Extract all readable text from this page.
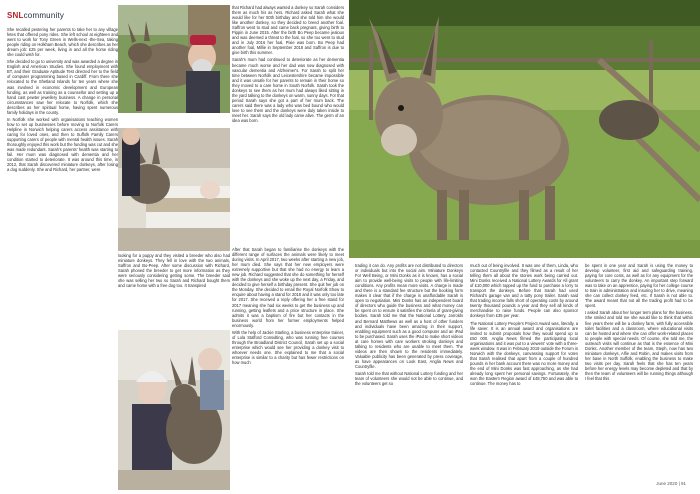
SNLcommunity

She recalled pestering her parents to take her to any village fetes that offered pony rides. She left school at eighteen and went to work for Tony Green in Wells-next -the-Sea, taking people riding on Holkham Beach, which she describes as her dream job: £25 per week, living in and all the horse riding she could wish for.

She decided to go to university and was awarded a degree in English and American Studies. She found employment with BT, and their Graduate Aptitude Test directed her to the field of computer programming based in Cardiff. From there she relocated to the Shetland Islands for ten years where she was involved in economic development and European funding, as well as training as a counsellor and setting up a hand cast pewter jewellery business. A change in personal circumstances saw her relocate to Norfolk, which she describes as her spiritual home, having spent numerous family holidays in the county.

In Norfolk she worked with organisations teaching women how to set up businesses before moving to Norfolk Carers Helpline in Norwich helping carers access assistance with caring for loved ones, and then to Suffolk Family Carers supporting carers of people with mental health issues. Sarah thoroughly enjoyed this work but the funding was cut and she was made redundant. Sarah's parents' health was starting to fail. Her mum was diagnosed with dementia and her condition started to deteriorate. It was around this time, in 2012, that Sarah discovered miniature donkeys, after losing a dog suddenly. She and Richard, her partner, were

looking for a puppy and they visited a breeder who also had miniature donkeys. They fell in love with the two animals, Saffron and Bo-Peep. After some discussion with Richard, Sarah phoned the breeder to get more information as they were seriously considering getting some. The breeder said she was selling her two so Sarah and Richard bought them and came home with a free dog too. It transpired

that Richard had always wanted a donkey so Sarah considers them as much his as hers. Richard asked Sarah what she would like for her 50th birthday and she told him she would like another donkey, so they decided to breed another foal. Saffron went to stud and came back pregnant, giving birth to Pippin in June 2015. After the birth Bo Peep became jealous and was deemed a threat to the foal, so she too went to stud and in July 2016 her foal, Pixie was born. Bo Peep had another foal, Millie in September 2018 and Saffron is due to give birth this summer.

Sarah's mum had continued to deteriorate as her dementia became much worse and her dad was now diagnosed with vascular dementia and Alzheimer's. For Sarah to split her time between Norfolk and Leicestershire became impossible and it was unsafe for her parents to remain in their home so they moved to a care home in South Norfolk. Sarah took the donkeys to see them as her mum had always liked sitting in the yard talking to the donkeys on warm, sunny days. For that period Sarah says she got a part of her mum back. The carers said there was a lady who was bed bound who would love to see them and the donkeys were duly taken inside to meet her. Sarah says the old lady came alive. The germ of an idea was born.

After that Sarah began to familiarise the donkeys with the different range of surfaces the animals were likely to meet during visits. In April 2017, two weeks after starting a new job, her mum died. She says that her new employers were extremely supportive but that she had no energy to learn a new job. Richard suggested that she do something for herself with the donkeys and she woke up the next day, a Friday, and decided to give herself a birthday present. She quit her job on the Monday. She decided to email the Royal Norfolk Show to enquire about having a stand for 2018 and it was only too late for 2017. She received a reply offering her a free stand for 2017 meaning she had six weeks to get the business up and running, getting leaflets and a price structure in place. She admits it was a baptism of fire but her contacts in the business world from her former employments helped enormously.

With the help of Jackie Starling, a business enterprise trainer, of Lola Stafford Consulting, who was running free courses through the Broadland District Council, Sarah set up a social enterprise which would see her providing a donkey visit to whoever needs one. She explained to me that a social enterprise is similar to a charity but has fewer restrictions on how much

trading it can do. Any profits are not distributed to directors or individuals but into the social aim. Miniature Donkeys For Well Being, or Mini Donks as it is known, has a social aim to provide well-being visits to people with life-limiting conditions. Any profits mean more visits. A charge is made and there is a standard fee structure but the booking form makes it clear that if the charge is unaffordable Sarah is open to negotiation. Mini Donks has an independent board of directors who guide the business and what money can be spent on to ensure it satisfies the criteria of grant-giving bodies. Sarah told me that the National Lottery, Jarrolds and Bernard Matthews as well as a host of other funders and individuals have been amazing in their support, enabling equipment such as a good computer and an iPad to be purchased. Sarah uses the iPad to make short videos at care homes with care workers stroking donkeys and talking to residents who are unable to meet them. The videos are then shown to the residents immediately. Valuable publicity has been generated by press coverage, as have appearances on Look East, Anglia News and Countryfile.

Sarah told me that without National Lottery funding and her team of volunteers she would not be able to continue, and the volunteers get so

much out of being involved. It was one of them, Linda, who contacted Countryfile and they filmed as a result of her telling them all about the stories work being carried out. Mini Donks received a National Lottery Awards for All grant of £10,000 which topped up the fund to purchase a lorry to transport the donkeys. Before that Sarah had used Richard's garage van and a tatty pony trailer. Sarah said that trading income falls short of operating costs by around twenty thousand pounds a year and they sell all kinds of merchandise to raise funds. People can also sponsor donkeys from £35 per year.

The National Lottery People's Project Award was, literally, a life saver. It is an annual award and organisations are invited to submit proposals how they would spend up to £50 000. Anglia News filmed the participating local organisations and it was put to a viewers' vote with a three-week window. It was in February 2019 outside the Forum in Norwich with the donkeys, canvassing support for votes that Sarah realised that apart from a couple of hundred pounds in her bank account there was no more money and the end of Mini Donks was fast approaching, as she had already long spent her personal savings. Fortunately, she won the Eastern Region award of £48,750 and was able to continue. The money has to

be spent in one year and Sarah is using the money to develop volunteer, first aid and safeguarding training, paying for core costs, as well as for any equipment for the volunteers to carry the donkey. An important step forward was to take on an apprentice, paying for her college course to train in administration and insuring her to drive, meaning she can collect donkey feed, etc. If Sarah is not able to. The award meant that not all the trading profit had to be spent.

I asked Sarah about her longer term plans for the business. She smiled and told me she would like to think that within five years there will be a donkey farm, with fully accessible toilet facilities and a classroom, where educational visits can be hosted and where she can offer work-related places to people with special needs. Of course, she told me, the outreach visits will continue as that is the essence of Mini Donks. Another member of the team, Steph, now has two miniature donkeys, Alfie and Robin, and makes visits from her base in North Suffolk, enabling the business to make two visits per day. Sarah feels that she has ten years before her energy levels may become depleted and that by then the team of volunteers will be running things although I feel that this

June 2020 | 91
